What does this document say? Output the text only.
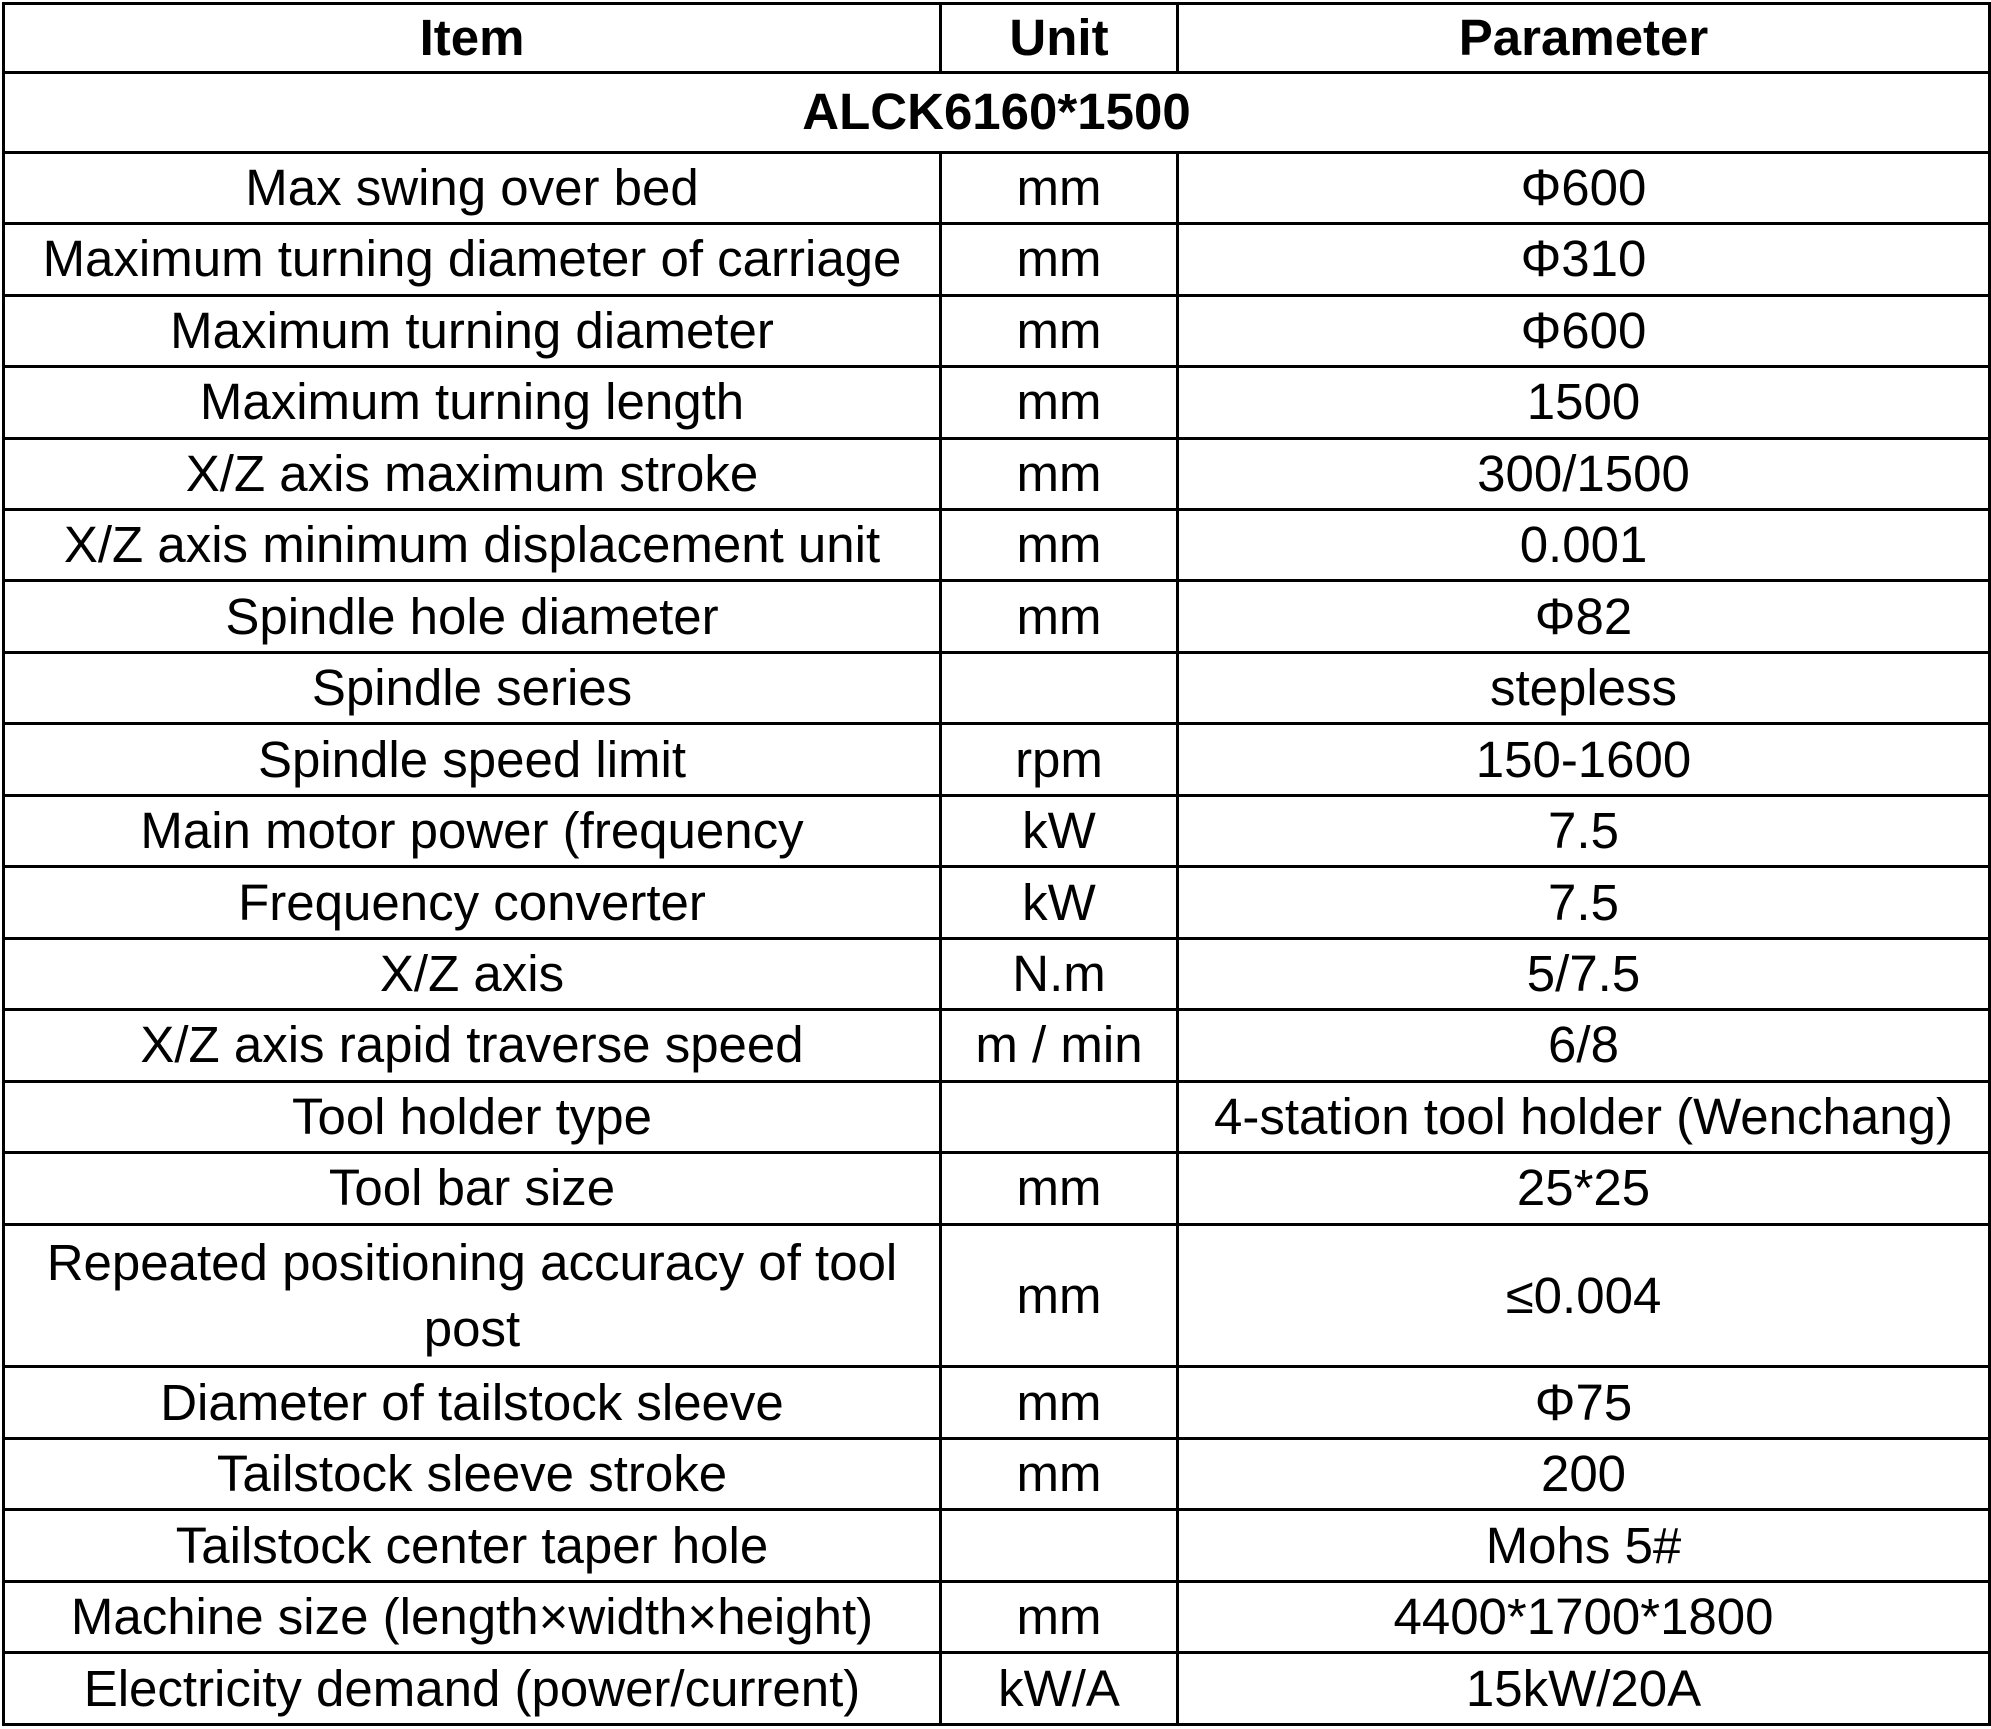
Item	Unit	Parameter
ALCK6160*1500		
Max swing over bed	mm	Φ600
Maximum turning diameter of carriage	mm	Φ310
Maximum turning diameter	mm	Φ600
Maximum turning length	mm	1500
X/Z axis maximum stroke	mm	300/1500
X/Z axis minimum displacement unit	mm	0.001
Spindle hole diameter	mm	Φ82
Spindle series		stepless
Spindle speed limit	rpm	150-1600
Main motor power (frequency	kW	7.5
Frequency converter	kW	7.5
X/Z axis	N.m	5/7.5
X/Z axis rapid traverse speed	m / min	6/8
Tool holder type		4-station tool holder (Wenchang)
Tool bar size	mm	25*25
Repeated positioning accuracy of tool post	mm	≤0.004
Diameter of tailstock sleeve	mm	Φ75
Tailstock sleeve stroke	mm	200
Tailstock center taper hole		Mohs 5#
Machine size (length×width×height)	mm	4400*1700*1800
Electricity demand (power/current)	kW/A	15kW/20A
